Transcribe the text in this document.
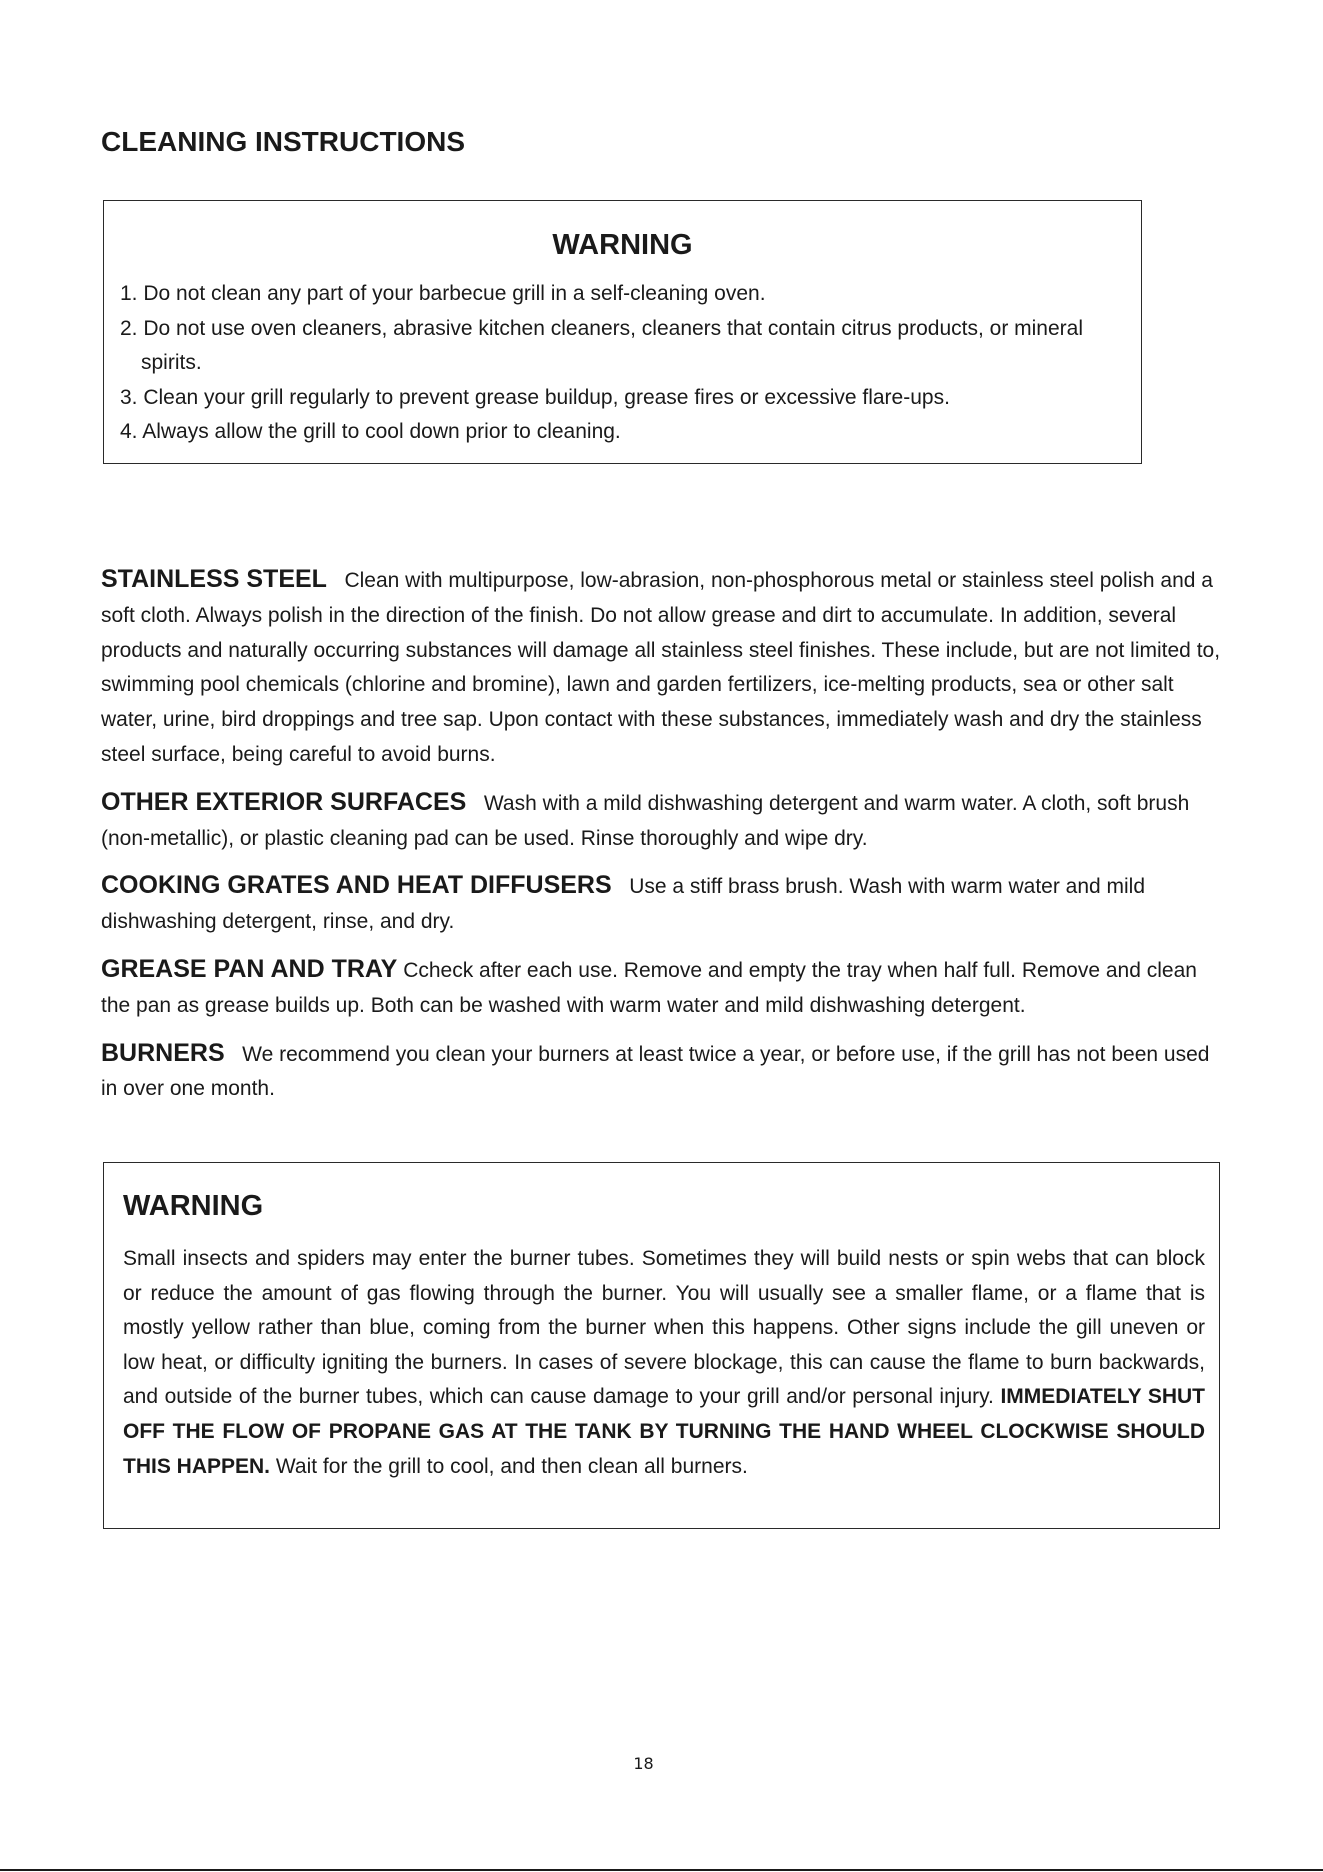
CLEANING INSTRUCTIONS
WARNING
1. Do not clean any part of your barbecue grill in a self-cleaning oven.
2. Do not use oven cleaners, abrasive kitchen cleaners, cleaners that contain citrus products, or mineral spirits.
3. Clean your grill regularly to prevent grease buildup, grease fires or excessive flare-ups.
4. Always allow the grill to cool down prior to cleaning.

STAINLESS STEEL Clean with multipurpose, low-abrasion, non-phosphorous metal or stainless steel polish and a soft cloth. Always polish in the direction of the finish. Do not allow grease and dirt to accumulate. In addition, several products and naturally occurring substances will damage all stainless steel finishes. These include, but are not limited to, swimming pool chemicals (chlorine and bromine), lawn and garden fertilizers, ice-melting products, sea or other salt water, urine, bird droppings and tree sap. Upon contact with these substances, immediately wash and dry the stainless steel surface, being careful to avoid burns.

OTHER EXTERIOR SURFACES Wash with a mild dishwashing detergent and warm water. A cloth, soft brush (non-metallic), or plastic cleaning pad can be used. Rinse thoroughly and wipe dry.

COOKING GRATES AND HEAT DIFFUSERS Use a stiff brass brush. Wash with warm water and mild dishwashing detergent, rinse, and dry.

GREASE PAN AND TRAY Ccheck after each use. Remove and empty the tray when half full. Remove and clean the pan as grease builds up. Both can be washed with warm water and mild dishwashing detergent.

BURNERS We recommend you clean your burners at least twice a year, or before use, if the grill has not been used in over one month.

WARNING

Small insects and spiders may enter the burner tubes. Sometimes they will build nests or spin webs that can block or reduce the amount of gas flowing through the burner. You will usually see a smaller flame, or a flame that is mostly yellow rather than blue, coming from the burner when this happens. Other signs include the gill uneven or low heat, or difficulty igniting the burners. In cases of severe blockage, this can cause the flame to burn backwards, and outside of the burner tubes, which can cause damage to your grill and/or personal injury. IMMEDIATELY SHUT OFF THE FLOW OF PROPANE GAS AT THE TANK BY TURNING THE HAND WHEEL CLOCKWISE SHOULD THIS HAPPEN. Wait for the grill to cool, and then clean all burners.

18
